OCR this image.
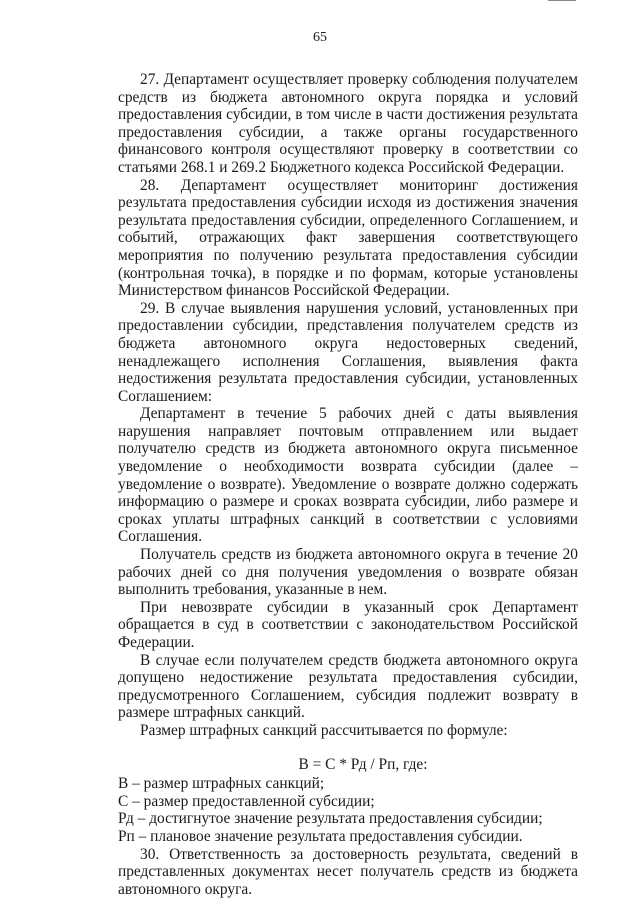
65

27. Департамент осуществляет проверку соблюдения получателем средств из бюджета автономного округа порядка и условий предоставления субсидии, в том числе в части достижения результата предоставления субсидии, а также органы государственного финансового контроля осуществляют проверку в соответствии со статьями 268.1 и 269.2 Бюджетного кодекса Российской Федерации.

28. Департамент осуществляет мониторинг достижения результата предоставления субсидии исходя из достижения значения результата предоставления субсидии, определенного Соглашением, и событий, отражающих факт завершения соответствующего мероприятия по получению результата предоставления субсидии (контрольная точка), в порядке и по формам, которые установлены Министерством финансов Российской Федерации.

29. В случае выявления нарушения условий, установленных при предоставлении субсидии, представления получателем средств из бюджета автономного округа недостоверных сведений, ненадлежащего исполнения Соглашения, выявления факта недостижения результата предоставления субсидии, установленных Соглашением:

Департамент в течение 5 рабочих дней с даты выявления нарушения направляет почтовым отправлением или выдает получателю средств из бюджета автономного округа письменное уведомление о необходимости возврата субсидии (далее – уведомление о возврате). Уведомление о возврате должно содержать информацию о размере и сроках возврата субсидии, либо размере и сроках уплаты штрафных санкций в соответствии с условиями Соглашения.

Получатель средств из бюджета автономного округа в течение 20 рабочих дней со дня получения уведомления о возврате обязан выполнить требования, указанные в нем.

При невозврате субсидии в указанный срок Департамент обращается в суд в соответствии с законодательством Российской Федерации.

В случае если получателем средств бюджета автономного округа допущено недостижение результата предоставления субсидии, предусмотренного Соглашением, субсидия подлежит возврату в размере штрафных санкций.

Размер штрафных санкций рассчитывается по формуле:

В = С * Рд / Рп, где:

В – размер штрафных санкций;

С – размер предоставленной субсидии;

Рд – достигнутое значение результата предоставления субсидии;

Рп – плановое значение результата предоставления субсидии.

30. Ответственность за достоверность результата, сведений в представленных документах несет получатель средств из бюджета автономного округа.
